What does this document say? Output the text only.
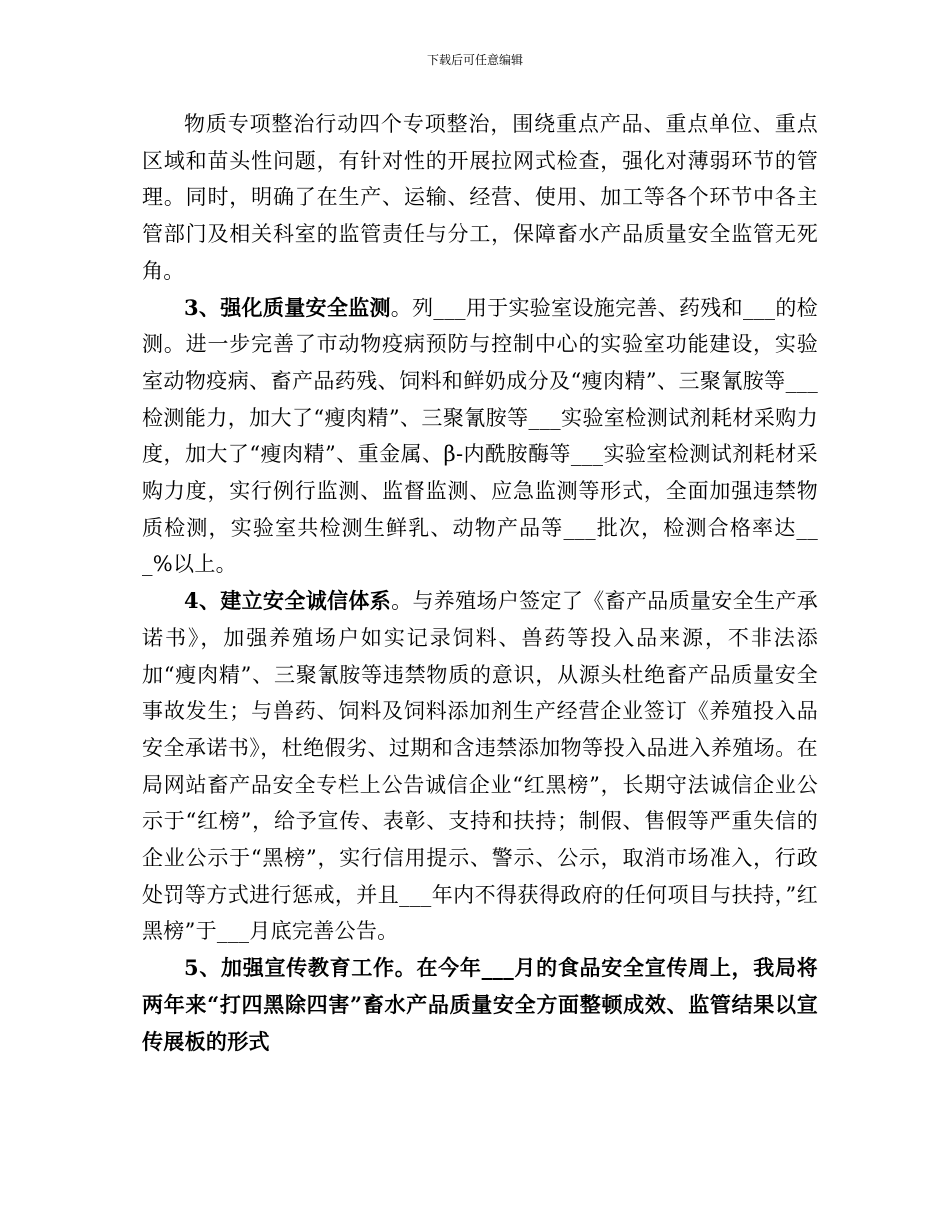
下载后可任意编辑

物质专项整治行动四个专项整治，围绕重点产品、重点单位、重点区域和苗头性问题，有针对性的开展拉网式检查，强化对薄弱环节的管理。同时，明确了在生产、运输、经营、使用、加工等各个环节中各主管部门及相关科室的监管责任与分工，保障畜水产品质量安全监管无死角。

3、强化质量安全监测。列___用于实验室设施完善、药残和___的检测。进一步完善了市动物疫病预防与控制中心的实验室功能建设，实验室动物疫病、畜产品药残、饲料和鲜奶成分及“瘦肉精”、三聚氰胺等___检测能力，加大了“瘦肉精”、三聚氰胺等___实验室检测试剂耗材采购力度，加大了“瘦肉精”、重金属、β-内酰胺酶等___实验室检测试剂耗材采购力度，实行例行监测、监督监测、应急监测等形式，全面加强违禁物质检测，实验室共检测生鲜乳、动物产品等___批次，检测合格率达___%以上。

4、建立安全诚信体系。与养殖场户签定了《畜产品质量安全生产承诺书》，加强养殖场户如实记录饲料、兽药等投入品来源，不非法添加“瘦肉精”、三聚氰胺等违禁物质的意识，从源头杜绝畜产品质量安全事故发生；与兽药、饲料及饲料添加剂生产经营企业签订《养殖投入品安全承诺书》，杜绝假劣、过期和含违禁添加物等投入品进入养殖场。在局网站畜产品安全专栏上公告诚信企业“红黑榜”，长期守法诚信企业公示于“红榜”，给予宣传、表彰、支持和扶持；制假、售假等严重失信的企业公示于“黑榜”，实行信用提示、警示、公示，取消市场准入，行政处罚等方式进行惩戒，并且___年内不得获得政府的任何项目与扶持，”红黑榜”于___月底完善公告。

5、加强宣传教育工作。在今年___月的食品安全宣传周上，我局将两年来“打四黑除四害”畜水产品质量安全方面整顿成效、监管结果以宣传展板的形式
